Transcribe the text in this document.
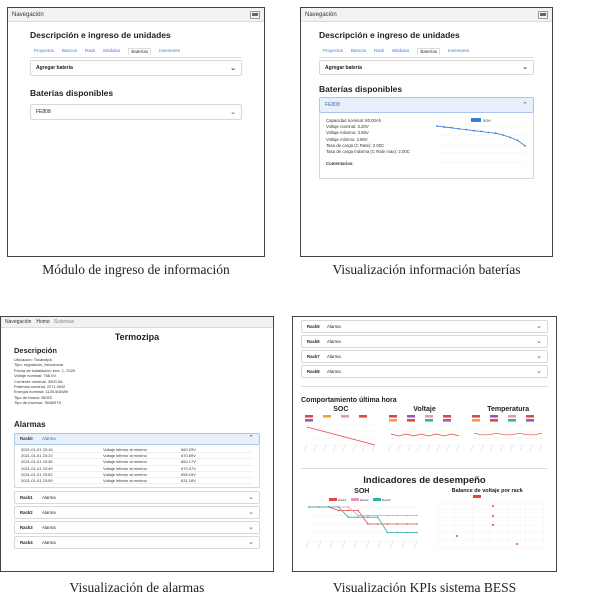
Navegación
Descripción e ingreso de unidades
Proyectos Bancos Rack Módulos	Baterías	Inversores
Agregar batería	⌄
Baterías disponibles
FE808	⌄
Módulo de ingreso de información
Navegación
Descripción e ingreso de unidades
Proyectos Bancos Rack Módulos	Baterías	Inversores
Agregar batería	⌄
Baterías disponibles
FE808	⌃
Capacidad nominal: 80.00Ah
Voltaje nominal: 3.20V
Voltaje máximo: 3.55V
Voltaje mínimo: 2.80V
Tasa de carga (C Rate): 2.00C
Tasa de carga máxima (C Rate max): 2.00C
Comentarios:
SOH
Visualización información baterías
Navegación Home Sistemas
Termozipa
Descripción
Ubicación: Tocancipá
Tipo: regulación_frecuencia
Fecha de instalación: ene. 1, 2020
Voltaje nominal: 768.0V
Corriente nominal: 3000.0A
Potencia nominal: 2271.0kW
Energía nominal: 1135.5OkWh
Tipo de banco: BESS
Tipo de inversor: SMART5
Alarmas
Rack0	Alarma	⌃
2021-01-01 23:16	Voltaje inferior al mínimo	660.29V
2021-01-01 23:23	Voltaje inferior al mínimo	670.69V
2021-01-01 23:36	Voltaje inferior al mínimo	660.17V
2021-01-01 23:49	Voltaje inferior al mínimo	670.07V
2021-01-01 23:52	Voltaje inferior al mínimo	656.19V
2021-01-01 23:59	Voltaje inferior al mínimo	631.18V
Rack1	Alarma	⌄
Rack2	Alarma	⌄
Rack3	Alarma	⌄
Rack4	Alarma	⌄
Visualización de alarmas
Rack5	Alarma	⌄
Rack6	Alarma	⌄
Rack7	Alarma	⌄
Rack8	Alarma	⌄
Comportamiento última hora
SOC	Voltaje	Temperatura
Indicadores de desempeño
SOH
Rack1	Rack2	Rack3
Balance de voltaje por rack
Visualización KPIs sistema BESS
